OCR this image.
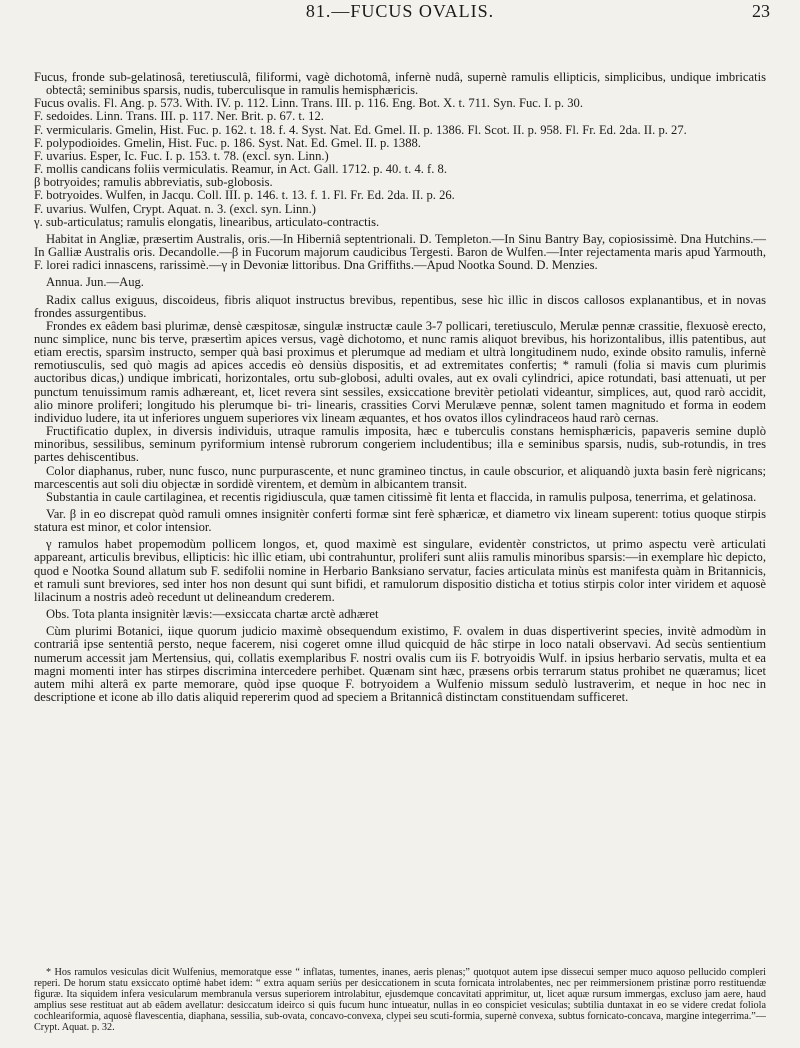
81.—FUCUS OVALIS.	23

Fucus, fronde sub-gelatinosâ, teretiusculâ, filiformi, vagè dichotomâ, infernè nudâ, supernè ramulis ellipticis, simplicibus, undique imbricatis obtectâ; seminibus sparsis, nudis, tuberculisque in ramulis hemisphæricis.

Fucus ovalis. Fl. Ang. p. 573. With. IV. p. 112. Linn. Trans. III. p. 116. Eng. Bot. X. t. 711. Syn. Fuc. I. p. 30.

F. sedoides. Linn. Trans. III. p. 117. Ner. Brit. p. 67. t. 12.

F. vermicularis. Gmelin, Hist. Fuc. p. 162. t. 18. f. 4. Syst. Nat. Ed. Gmel. II. p. 1386. Fl. Scot. II. p. 958. Fl. Fr. Ed. 2da. II. p. 27.

F. polypodioides. Gmelin, Hist. Fuc. p. 186. Syst. Nat. Ed. Gmel. II. p. 1388.

F. uvarius. Esper, Ic. Fuc. I. p. 153. t. 78. (excl. syn. Linn.)

F. mollis candicans foliis vermiculatis. Reamur, in Act. Gall. 1712. p. 40. t. 4. f. 8.

β botryoides; ramulis abbreviatis, sub-globosis.

F. botryoides. Wulfen, in Jacqu. Coll. III. p. 146. t. 13. f. 1. Fl. Fr. Ed. 2da. II. p. 26.

F. uvarius. Wulfen, Crypt. Aquat. n. 3. (excl. syn. Linn.)

γ. sub-articulatus; ramulis elongatis, linearibus, articulato-contractis.

Habitat in Angliæ, præsertim Australis, oris.—In Hiberniâ septentrionali. D. Templeton.—In Sinu Bantry Bay, copiosissimè. Dna Hutchins.—In Galliæ Australis oris. Decandolle.—β in Fucorum majorum caudicibus Tergesti. Baron de Wulfen.—Inter rejectamenta maris apud Yarmouth, F. lorei radici innascens, rarissimè.—γ in Devoniæ littoribus. Dna Griffiths.—Apud Nootka Sound. D. Menzies.

Annua. Jun.—Aug.

Radix callus exiguus, discoideus, fibris aliquot instructus brevibus, repentibus, sese hìc illìc in discos callosos explanantibus, et in novas frondes assurgentibus.

Frondes ex eâdem basi plurimæ, densè cæspitosæ, singulæ instructæ caule 3-7 pollicari, teretiusculo, Merulæ pennæ crassitie, flexuosè erecto, nunc simplice, nunc bis terve, præsertìm apices versus, vagè dichotomo, et nunc ramis aliquot brevibus, his horizontalibus, illis patentibus, aut etiam erectis, sparsìm instructo, semper quà basi proximus et plerumque ad mediam et ultrà longitudinem nudo, exinde obsito ramulis, infernè remotiusculis, sed quò magis ad apices accedis eò densiùs dispositis, et ad extremitates confertis; * ramuli (folia si mavis cum plurimis auctoribus dicas,) undique imbricati, horizontales, ortu sub-globosi, adulti ovales, aut ex ovali cylindrici, apice rotundati, basi attenuati, ut per punctum tenuissimum ramis adhæreant, et, licet revera sint sessiles, exsiccatione brevitèr petiolati videantur, simplices, aut, quod rarò accidit, alio minore proliferi; longitudo his plerumque bi- tri- linearis, crassities Corvi Merulæve pennæ, solent tamen magnitudo et forma in eodem individuo ludere, ita ut inferiores unguem superiores vix lineam æquantes, et hos ovatos illos cylindraceos haud rarò cernas.

Fructificatio duplex, in diversis individuis, utraque ramulis imposita, hæc e tuberculis constans hemisphæricis, papaveris semine duplò minoribus, sessilibus, seminum pyriformium intensè rubrorum congeriem includentibus; illa e seminibus sparsis, nudis, sub-rotundis, in tres partes dehiscentibus.

Color diaphanus, ruber, nunc fusco, nunc purpurascente, et nunc gramineo tinctus, in caule obscurior, et aliquandò juxta basin ferè nigricans; marcescentis aut soli diu objectæ in sordidè virentem, et demùm in albicantem transit.

Substantia in caule cartilaginea, et recentis rigidiuscula, quæ tamen citissimè fit lenta et flaccida, in ramulis pulposa, tenerrima, et gelatinosa.

Var. β in eo discrepat quòd ramuli omnes insignitèr conferti formæ sint ferè sphæricæ, et diametro vix lineam superent: totius quoque stirpis statura est minor, et color intensior.

γ ramulos habet propemodùm pollicem longos, et, quod maximè est singulare, evidentèr constrictos, ut primo aspectu verè articulati appareant, articulis brevibus, ellipticis: hìc illìc etiam, ubi contrahuntur, proliferi sunt aliis ramulis minoribus sparsis:—in exemplare hìc depicto, quod e Nootka Sound allatum sub F. sedifolii nomine in Herbario Banksiano servatur, facies articulata minùs est manifesta quàm in Britannicis, et ramuli sunt breviores, sed inter hos non desunt qui sunt bifidi, et ramulorum dispositio disticha et totius stirpis color inter viridem et aquosè lilacinum a nostris adeò recedunt ut delineandum crederem.

Obs. Tota planta insignitèr lævis:—exsiccata chartæ arctè adhæret

Cùm plurimi Botanici, iique quorum judicio maximè obsequendum existimo, F. ovalem in duas dispertiverint species, invitè admodùm in contrariâ ipse sententiâ persto, neque facerem, nisi cogeret omne illud quicquid de hâc stirpe in loco natali observavi. Ad secùs sentientium numerum accessit jam Mertensius, qui, collatis exemplaribus F. nostri ovalis cum iis F. botryoidis Wulf. in ipsius herbario servatis, multa et ea magni momenti inter has stirpes discrimina intercedere perhibet. Quænam sint hæc, præsens orbis terrarum status prohibet ne quæramus; licet autem mihi alterâ ex parte memorare, quòd ipse quoque F. botryoidem a Wulfenio missum sedulò lustraverim, et neque in hoc nec in descriptione et icone ab illo datis aliquid repererim quod ad speciem a Britannicâ distinctam constituendam sufficeret.

* Hos ramulos vesiculas dicit Wulfenius, memoratque esse “ inflatas, tumentes, inanes, aeris plenas;” quotquot autem ipse dissecui semper muco aquoso pellucido compleri reperi. De horum statu exsiccato optimè habet idem: “ extra aquam seriùs per desiccationem in scuta fornicata introlabentes, nec per reimmersionem pristinæ porro restituendæ figuræ. Ita siquidem infera vesicularum membranula versus superiorem introlabitur, ejusdemque concavitati apprimitur, ut, licet aquæ rursum immergas, excluso jam aere, haud amplius sese restituat aut ab eâdem avellatur: desiccatum ideirco si quis fucum hunc intueatur, nullas in eo conspiciet vesiculas; subtilia duntaxat in eo se videre credat foliola cochleariformia, aquosè flavescentia, diaphana, sessilia, sub-ovata, concavo-convexa, clypei seu scuti-formia, supernè convexa, subtus fornicato-concava, margine integerrima.”—Crypt. Aquat. p. 32.
